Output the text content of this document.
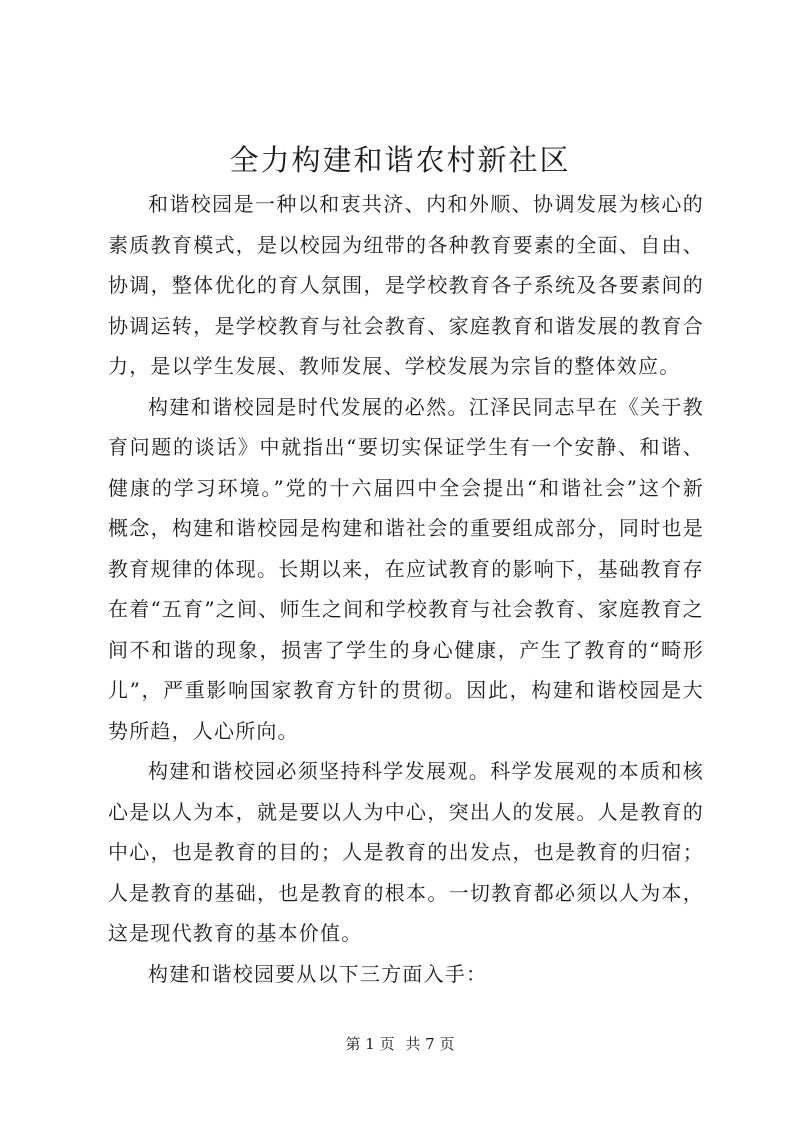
全力构建和谐农村新社区

和谐校园是一种以和衷共济、内和外顺、协调发展为核心的素质教育模式，是以校园为纽带的各种教育要素的全面、自由、协调，整体优化的育人氛围，是学校教育各子系统及各要素间的协调运转，是学校教育与社会教育、家庭教育和谐发展的教育合力，是以学生发展、教师发展、学校发展为宗旨的整体效应。

构建和谐校园是时代发展的必然。江泽民同志早在《关于教育问题的谈话》中就指出“要切实保证学生有一个安静、和谐、健康的学习环境。”党的十六届四中全会提出“和谐社会”这个新概念，构建和谐校园是构建和谐社会的重要组成部分，同时也是教育规律的体现。长期以来，在应试教育的影响下，基础教育存在着“五育”之间、师生之间和学校教育与社会教育、家庭教育之间不和谐的现象，损害了学生的身心健康，产生了教育的“畸形儿”，严重影响国家教育方针的贯彻。因此，构建和谐校园是大势所趋，人心所向。

构建和谐校园必须坚持科学发展观。科学发展观的本质和核心是以人为本，就是要以人为中心，突出人的发展。人是教育的中心，也是教育的目的；人是教育的出发点，也是教育的归宿；人是教育的基础，也是教育的根本。一切教育都必须以人为本，这是现代教育的基本价值。

构建和谐校园要从以下三方面入手：

第 1 页 共 7 页
